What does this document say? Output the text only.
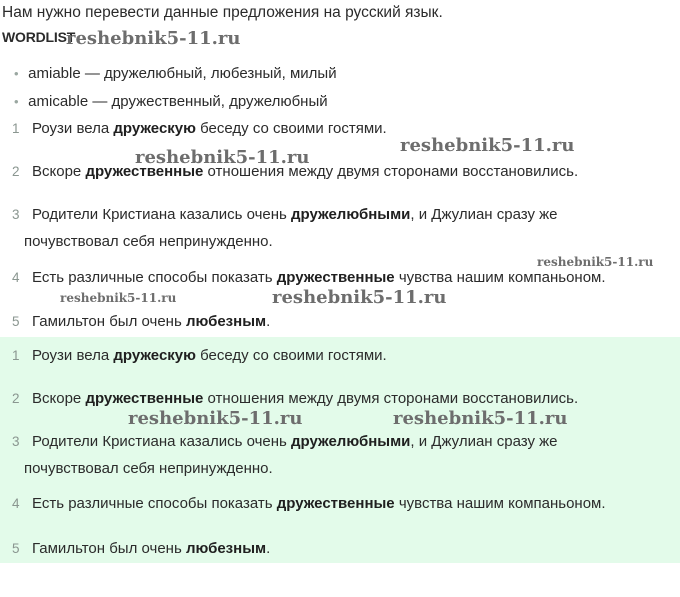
Нам нужно перевести данные предложения на русский язык.
WORDLIST
• amiable — дружелюбный, любезный, милый
• amicable — дружественный, дружелюбный
1 Роузи вела дружескую беседу со своими гостями.
2 Вскоре дружественные отношения между двумя сторонами восстановились.
3 Родители Кристиана казались очень дружелюбными, и Джулиан сразу же
почувствовал себя непринужденно.
4 Есть различные способы показать дружественные чувства нашим компаньоном.
5 Гамильтон был очень любезным.
1 Роузи вела дружескую беседу со своими гостями.
2 Вскоре дружественные отношения между двумя сторонами восстановились.
3 Родители Кристиана казались очень дружелюбными, и Джулиан сразу же
почувствовал себя непринужденно.
4 Есть различные способы показать дружественные чувства нашим компаньоном.
5 Гамильтон был очень любезным.
reshebnik5-11.ru
reshebnik5-11.ru
reshebnik5-11.ru
reshebnik5-11.ru
reshebnik5-11.ru	reshebnik5-11.ru
reshebnik5-11.ru	reshebnik5-11.ru
